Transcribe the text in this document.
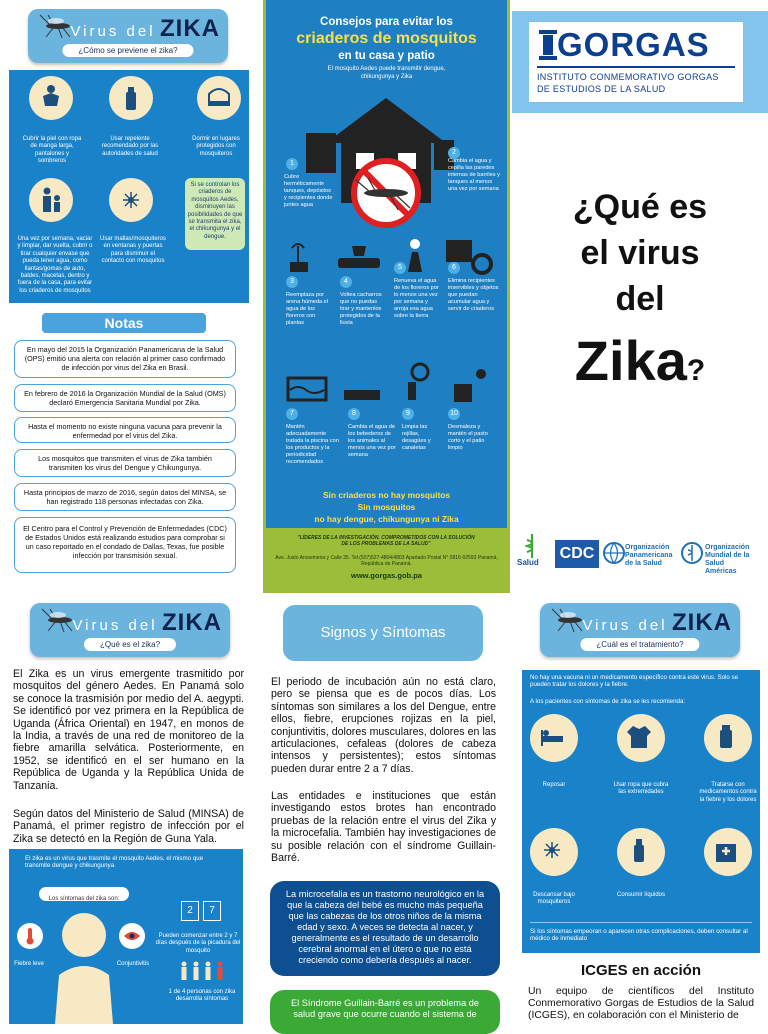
Virus del ZIKA
¿Cómo se previene el zika?
Cubrir la piel con ropa de manga larga, pantalones y sombreros
Usar repelente recomendado por las autoridades de salud
Dormir en lugares protegidos con mosquiteros
Si se controlan los criaderos de mosquitos Aedes, disminuyen las posibilidades de que se transmita el zika, el chikungunya y el dengue.
Una vez por semana, vaciar y limpiar, dar vuelta, cubrir o tirar cualquier envase que pueda tener agua, como llantas/gomas de auto, baldes, macetas, dentro y fuera de la casa, para evitar los criaderos de mosquitos
Usar mallas/mosquiteros en ventanas y puertas para disminuir el contacto con mosquitos
Notas
En mayo del 2015 la Organización Panamericana de la Salud (OPS) emitió una alerta con relación al primer caso confirmado de infección por virus del Zika en Brasil.
En febrero de 2016 la Organización Mundial de la Salud (OMS) declaró Emergencia Sanitaria Mundial por Zika.
Hasta el momento no existe ninguna vacuna para prevenir la enfermedad por el virus del Zika.
Los mosquitos que transmiten el virus de Zika también transmiten los virus del Dengue y Chikungunya.
Hasta principios de marzo de 2016, según datos del MINSA, se han registrado 118 personas infectadas con Zika.
El Centro para el Control y Prevención de Enfermedades (CDC) de Estados Unidos está realizando estudios para comprobar si un caso reportado en el condado de Dallas, Texas, fue posible infección por transmisión sexual.
Consejos para evitar los
criaderos de mosquitos
en tu casa y patio
El mosquito Aedes puede transmitir dengue, chikungunya y Zika
1
Cubre herméticamente tanques, depósitos y recipientes donde juntes agua
2
Cambia el agua y cepilla las paredes internas de barriles y tanques al menos una vez por semana
3	4
5	6
Reemplaza por arena húmeda el agua de los floreros con plantas
Voltea cacharros que no puedas tirar y mantenlos protegidos de la lluvia
Renueva el agua de los floreros por lo menos una vez por semana y arroja esa agua sobre la tierra
Elimina recipientes inservibles y objetos que puedan acumular agua y servir de criaderos
7	8	9	10
Mantén adecuadamente tratada la piscina con los productos y la periodicidad recomendados
Cambia el agua de los bebederos de los animales al menos una vez por semana
Limpia las rejillas, desagües y canaletas
Desmaleza y mantén el pasto corto y el patio limpio
Sin criaderos no hay mosquitos
Sin mosquitos
no hay dengue, chikungunya ni Zika
"LÍDERES DE LA INVESTIGACIÓN, COMPROMETIDOS CON LA SOLUCIÓN DE LOS PROBLEMAS DE LA SALUD"
Ave. Justo Arosemena y Calle 35. Tel.(507)527-4804/4803 Apartado Postal N° 0816-02593 Panamá, República de Panamá.
www.gorgas.gob.pa
GORGAS
INSTITUTO CONMEMORATIVO GORGAS
DE ESTUDIOS DE LA SALUD
¿Qué es
el virus
del
Zika?
Salud
CDC	Organización
Panamericana
de la Salud
Organización
Mundial de la Salud
Américas
Virus del ZIKA
¿Qué es el zika?
El Zika es un virus emergente trasmitido por mosquitos del género Aedes. En Panamá solo se conoce la trasmisión por medio del A. aegypti. Se identificó por vez primera en la República de Uganda (África Oriental) en 1947, en monos de la India, a través de una red de monitoreo de la fiebre amarilla selvática. Posteriormente, en 1952, se identificó en el ser humano en la República de Uganda y la República Unida de Tanzania.
Según datos del Ministerio de Salud (MINSA) de Panamá, el primer registro de infección por el Zika se detectó en la Región de Guna Yala.
El zika es un virus que trasmite el mosquito Aedes, el mismo que transmite dengue y chikungunya.
Los síntomas del zika son:
Fiebre leve	Conjuntivitis
2	7
Pueden comenzar entre 2 y 7 días después de la picadura del mosquito
1 de 4 personas con zika desarrolla síntomas
Signos y Síntomas
El periodo de incubación aún no está claro, pero se piensa que es de pocos días. Los síntomas son similares a los del Dengue, entre ellos, fiebre, erupciones rojizas en la piel, conjuntivitis, dolores musculares, dolores en las articulaciones, cefaleas (dolores de cabeza intensos y persistentes); estos síntomas pueden durar entre 2 a 7 días.
Las entidades e instituciones que están investigando estos brotes han encontrado pruebas de la relación entre el virus del Zika y la microcefalia. También hay investigaciones de su posible relación con el síndrome Guillain-Barré.
La microcefalia es un trastorno neurológico en la que la cabeza del bebé es mucho más pequeña que las cabezas de los otros niños de la misma edad y sexo. A veces se detecta al nacer, y generalmente es el resultado de un desarrollo cerebral anormal en el útero o que no está creciendo como debería después al nacer.
El Síndrome Guillain-Barré es un problema de salud grave que ocurre cuando el sistema de
Virus del ZIKA
¿Cuál es el tratamiento?
No hay una vacuna ni un medicamento específico contra este virus. Solo se pueden tratar los dolores y la fiebre.
A los pacientes con síntomas de zika se les recomienda:
Reposar	Usar ropa que cubra las extremidades
Tratarse con medicamentos contra la fiebre y los dolores
Descansar bajo mosquiteros
Consumir líquidos
Si los síntomas empeoran o aparecen otras complicaciones, deben consultar al médico de inmediato
ICGES en acción
Un equipo de científicos del Instituto Conmemorativo Gorgas de Estudios de la Salud (ICGES), en colaboración con el Ministerio de
